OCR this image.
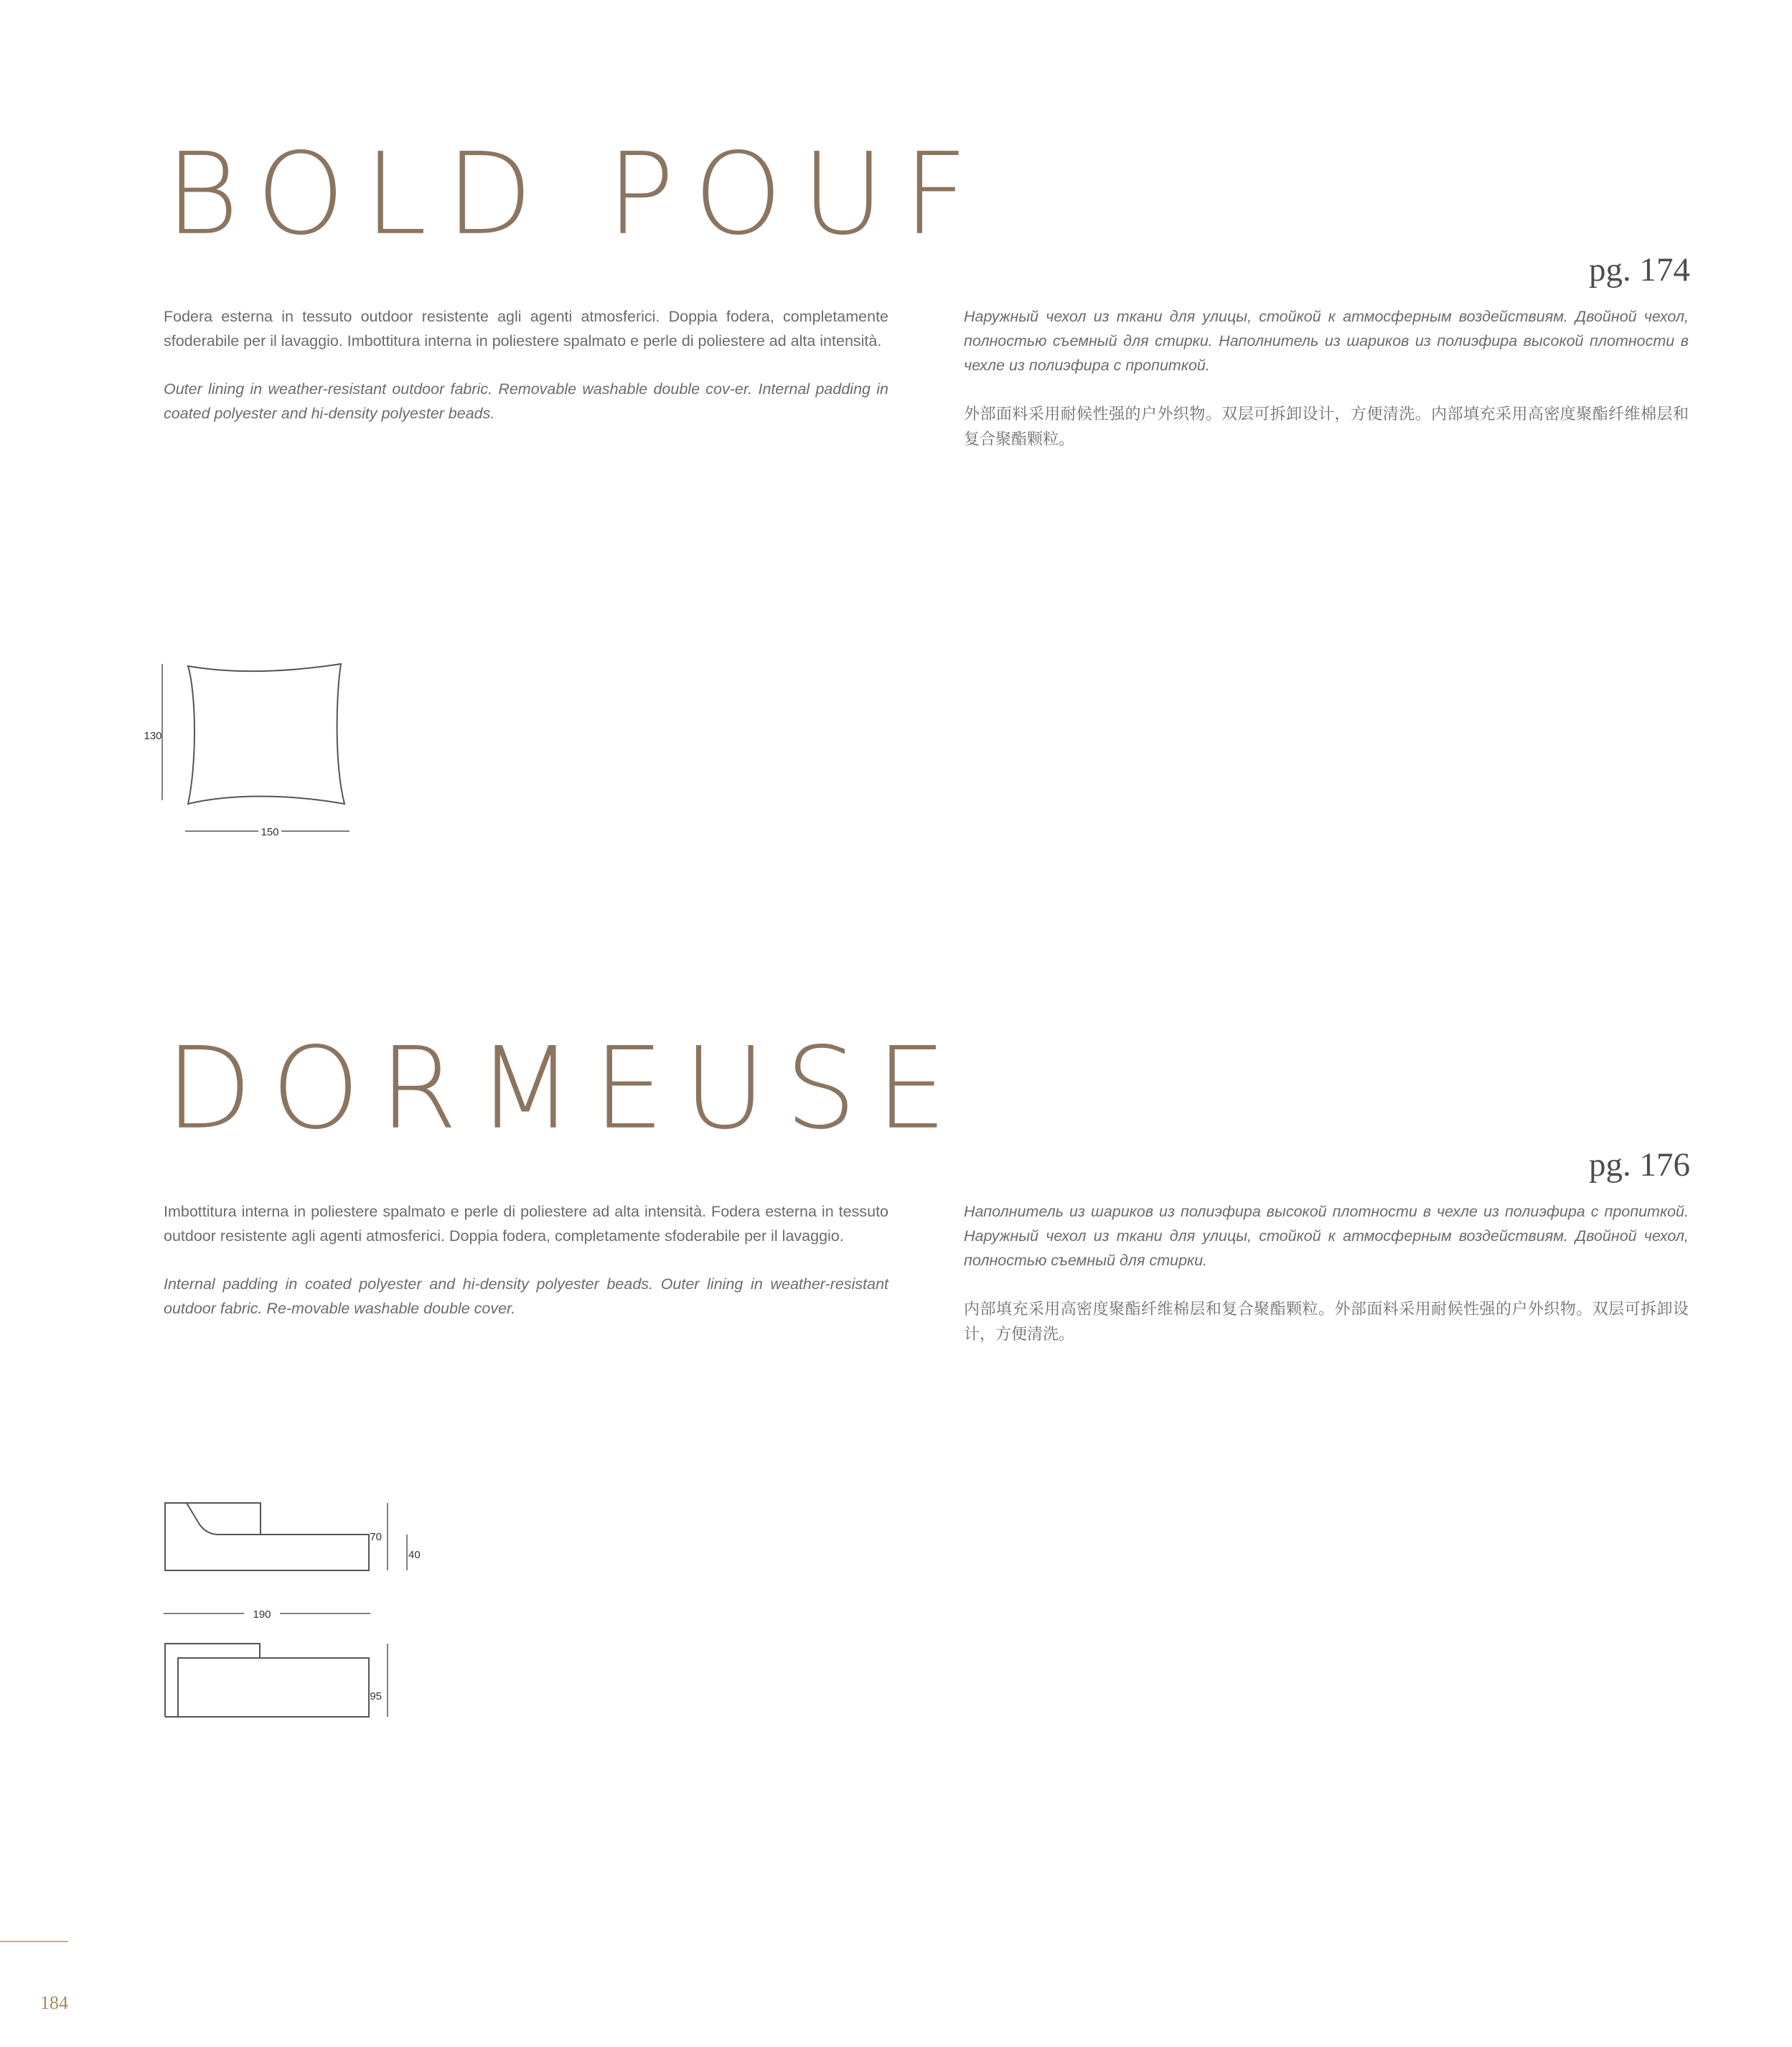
BOLD POUF
pg. 174

Fodera esterna in tessuto outdoor resistente agli agenti atmosferici. Doppia fodera, completamente sfoderabile per il lavaggio. Imbottitura interna in poliestere spalmato e perle di poliestere ad alta intensità.

Outer lining in weather-resistant outdoor fabric. Removable washable double cov-er. Internal padding in coated polyester and hi-density polyester beads.

Наружный чехол из ткани для улицы, стойкой к атмосферным воздействиям. Двойной чехол, полностью съемный для стирки. Наполнитель из шариков из полиэфира высокой плотности в чехле из полиэфира с пропиткой.

外部面料采用耐候性强的户外织物。双层可拆卸设计，方便清洗。内部填充采用高密度聚酯纤维棉层和复合聚酯颗粒。

130
150
DORMEUSE
pg. 176

Imbottitura interna in poliestere spalmato e perle di poliestere ad alta intensità. Fodera esterna in tessuto outdoor resistente agli agenti atmosferici. Doppia fodera, completamente sfoderabile per il lavaggio.

Internal padding in coated polyester and hi-density polyester beads. Outer lining in weather-resistant outdoor fabric. Re-movable washable double cover.

Наполнитель из шариков из полиэфира высокой плотности в чехле из полиэфира с пропиткой. Наружный чехол из ткани для улицы, стойкой к атмосферным воздействиям. Двойной чехол, полностью съемный для стирки.

内部填充采用高密度聚酯纤维棉层和复合聚酯颗粒。外部面料采用耐候性强的户外织物。双层可拆卸设计，方便清洗。

70
40
190
95
184
